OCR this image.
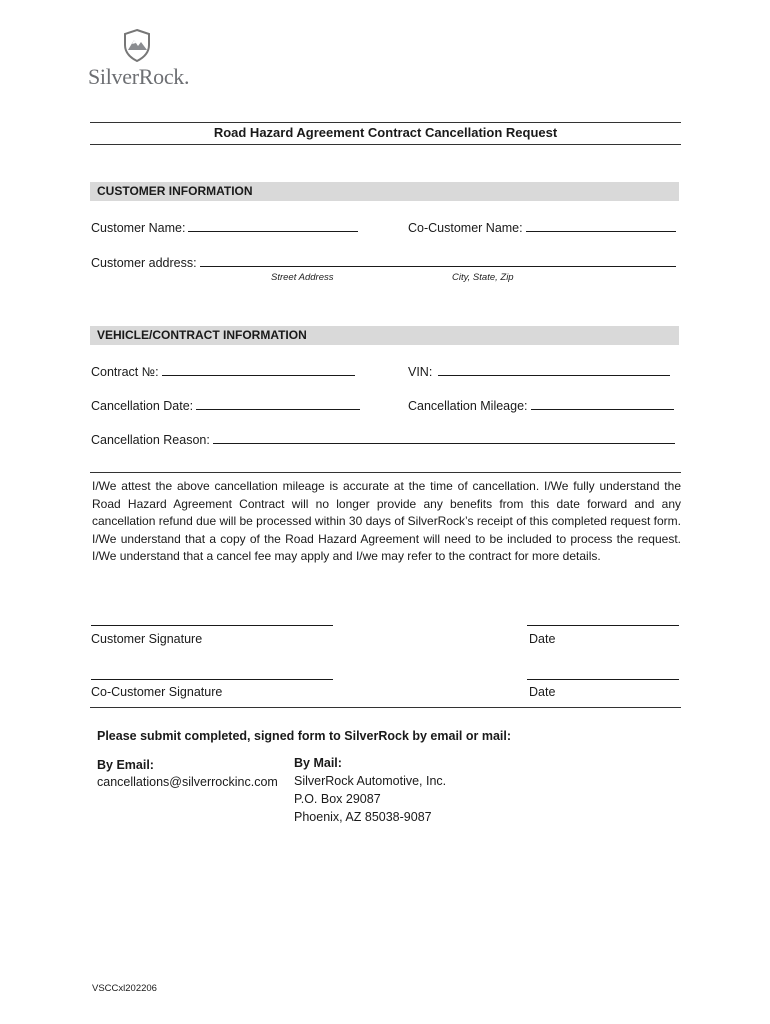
SilverRock.
Road Hazard Agreement Contract Cancellation Request
CUSTOMER INFORMATION
Customer Name:	Co-Customer Name:
Customer address:
Street Address	City, State, Zip
VEHICLE/CONTRACT INFORMATION
Contract №:	VIN:
Cancellation Date:	Cancellation Mileage:
Cancellation Reason:
I/We attest the above cancellation mileage is accurate at the time of cancellation. I/We fully understand the Road Hazard Agreement Contract will no longer provide any benefits from this date forward and any cancellation refund due will be processed within 30 days of SilverRock’s receipt of this completed request form. I/We understand that a copy of the Road Hazard Agreement will need to be included to process the request. I/We understand that a cancel fee may apply and I/we may refer to the contract for more details.
Customer Signature	Date
Co-Customer Signature	Date
Please submit completed, signed form to SilverRock by email or mail:
By Email:
cancellations@silverrockinc.com
By Mail:
SilverRock Automotive, Inc.
P.O. Box 29087
Phoenix, AZ 85038-9087
VSCCxl202206
